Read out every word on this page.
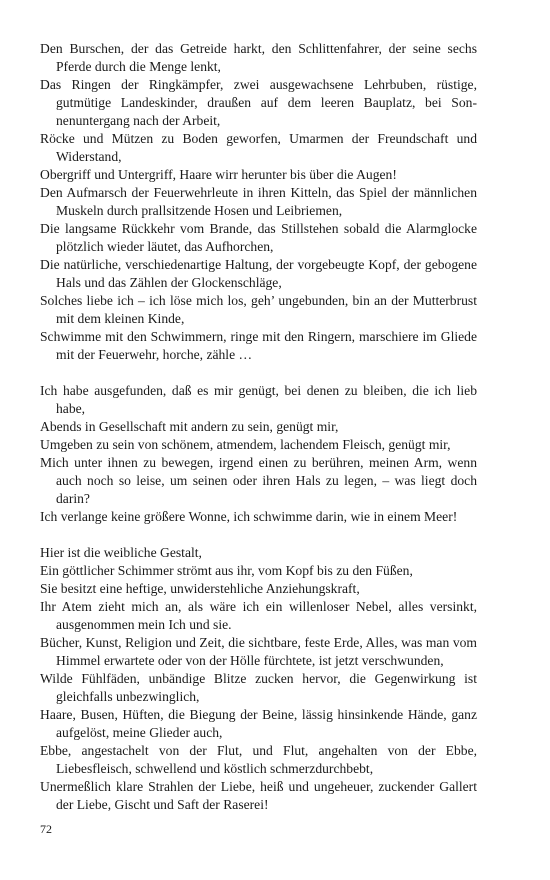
Den Burschen, der das Getreide harkt, den Schlittenfahrer, der seine sechs Pferde durch die Menge lenkt,

Das Ringen der Ringkämpfer, zwei ausgewachsene Lehrbuben, rüstige, gutmütige Landeskinder, draußen auf dem leeren Bauplatz, bei Sonnenuntergang nach der Arbeit,

Röcke und Mützen zu Boden geworfen, Umarmen der Freundschaft und Widerstand,

Obergriff und Untergriff, Haare wirr herunter bis über die Augen!

Den Aufmarsch der Feuerwehrleute in ihren Kitteln, das Spiel der männlichen Muskeln durch prallsitzende Hosen und Leibriemen,

Die langsame Rückkehr vom Brande, das Stillstehen sobald die Alarmglocke plötzlich wieder läutet, das Aufhorchen,

Die natürliche, verschiedenartige Haltung, der vorgebeugte Kopf, der gebogene Hals und das Zählen der Glockenschläge,

Solches liebe ich – ich löse mich los, geh’ ungebunden, bin an der Mutterbrust mit dem kleinen Kinde,

Schwimme mit den Schwimmern, ringe mit den Ringern, marschiere im Gliede mit der Feuerwehr, horche, zähle …

Ich habe ausgefunden, daß es mir genügt, bei denen zu bleiben, die ich lieb habe,

Abends in Gesellschaft mit andern zu sein, genügt mir,

Umgeben zu sein von schönem, atmendem, lachendem Fleisch, genügt mir,

Mich unter ihnen zu bewegen, irgend einen zu berühren, meinen Arm, wenn auch noch so leise, um seinen oder ihren Hals zu legen, – was liegt doch darin?

Ich verlange keine größere Wonne, ich schwimme darin, wie in einem Meer!

Hier ist die weibliche Gestalt,

Ein göttlicher Schimmer strömt aus ihr, vom Kopf bis zu den Füßen,

Sie besitzt eine heftige, unwiderstehliche Anziehungskraft,

Ihr Atem zieht mich an, als wäre ich ein willenloser Nebel, alles versinkt, ausgenommen mein Ich und sie.

Bücher, Kunst, Religion und Zeit, die sichtbare, feste Erde, Alles, was man vom Himmel erwartete oder von der Hölle fürchtete, ist jetzt verschwunden,

Wilde Fühlfäden, unbändige Blitze zucken hervor, die Gegenwirkung ist gleichfalls unbezwinglich,

Haare, Busen, Hüften, die Biegung der Beine, lässig hinsinkende Hände, ganz aufgelöst, meine Glieder auch,

Ebbe, angestachelt von der Flut, und Flut, angehalten von der Ebbe, Liebesfleisch, schwellend und köstlich schmerzdurchbebt,

Unermeßlich klare Strahlen der Liebe, heiß und ungeheuer, zuckender Gallert der Liebe, Gischt und Saft der Raserei!

72
